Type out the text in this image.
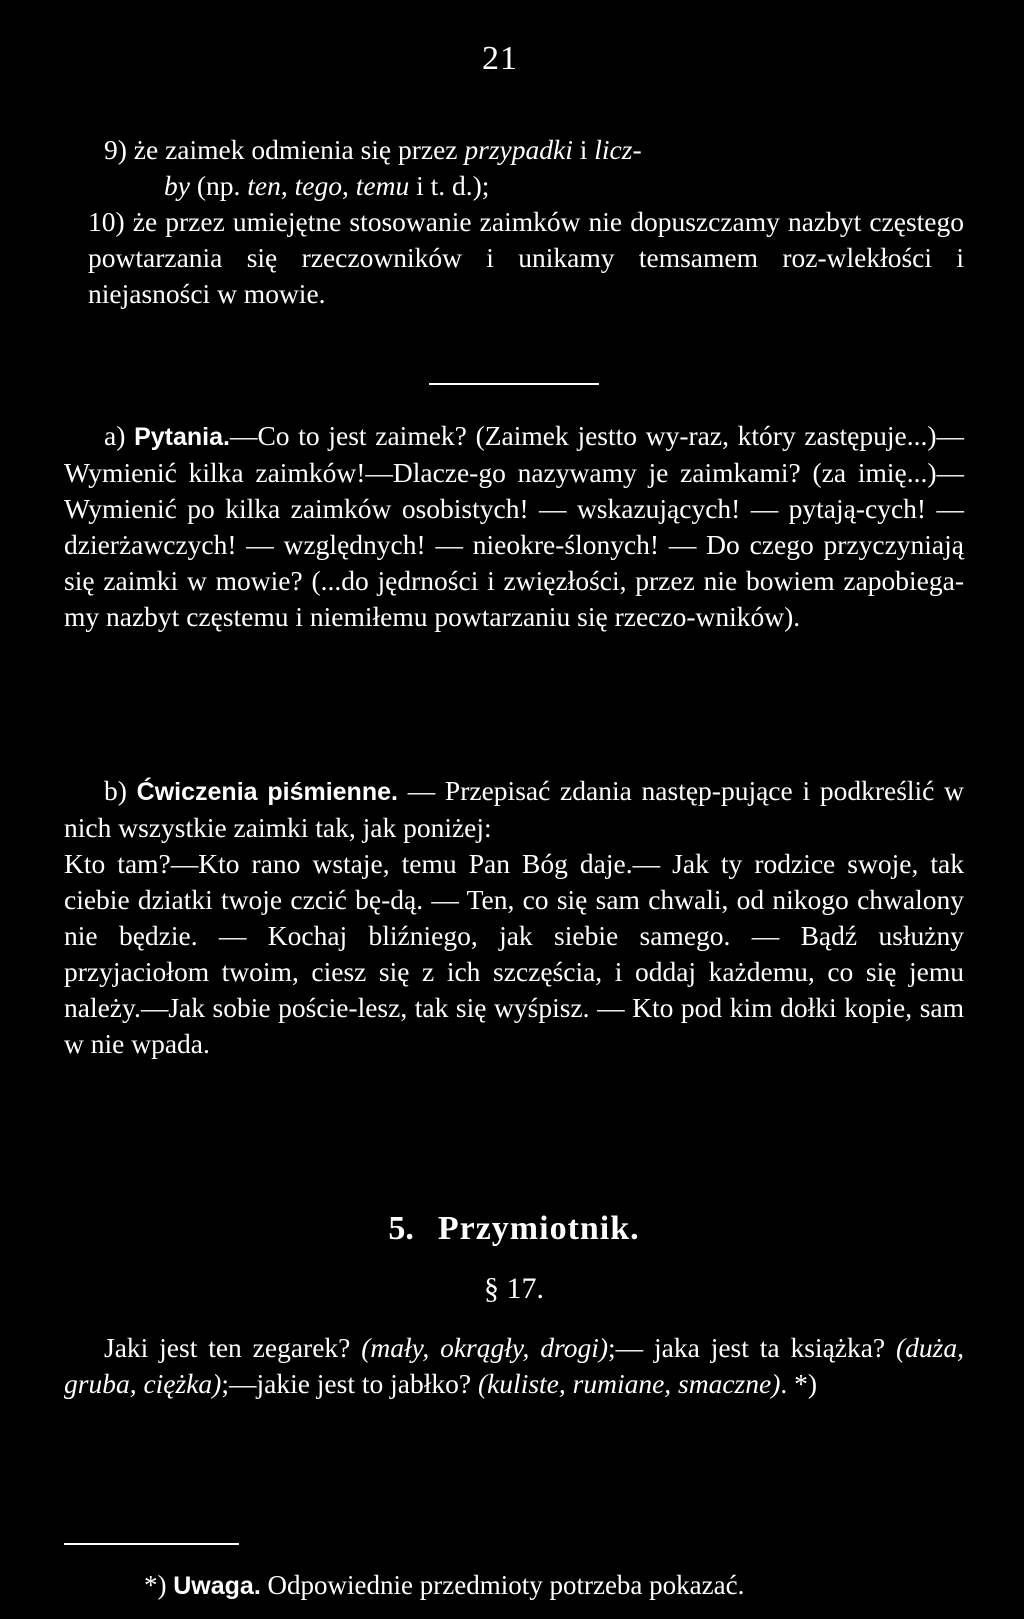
21
9) że zaimek odmienia się przez przypadki i licz-
by (np. ten, tego, temu i t. d.);
10) że przez umiejętne stosowanie zaimków nie dopuszczamy nazbyt częstego powtarzania się rzeczowników i unikamy temsamem roz-wlekłości i niejasności w mowie.
a) Pytania.—Co to jest zaimek? (Zaimek jestto wy-raz, który zastępuje...)—Wymienić kilka zaimków!—Dlacze-go nazywamy je zaimkami? (za imię...)— Wymienić po kilka zaimków osobistych! — wskazujących! — pytają-cych! — dzierżawczych! — względnych! — nieokre-ślonych! — Do czego przyczyniają się zaimki w mowie? (...do jędrności i zwięzłości, przez nie bowiem zapobiega-my nazbyt częstemu i niemiłemu powtarzaniu się rzeczo-wników).
b) Ćwiczenia piśmienne. — Przepisać zdania następ-pujące i podkreślić w nich wszystkie zaimki tak, jak poniżej:
Kto tam?—Kto rano wstaje, temu Pan Bóg daje.— Jak ty rodzice swoje, tak ciebie dziatki twoje czcić bę-dą. — Ten, co się sam chwali, od nikogo chwalony nie będzie. — Kochaj bliźniego, jak siebie samego. — Bądź usłużny przyjaciołom twoim, ciesz się z ich szczęścia, i oddaj każdemu, co się jemu należy.—Jak sobie poście-lesz, tak się wyśpisz. — Kto pod kim dołki kopie, sam w nie wpada.
5. Przymiotnik.
§ 17.
Jaki jest ten zegarek? (mały, okrągły, drogi);— jaka jest ta książka? (duża, gruba, ciężka);—jakie jest to jabłko? (kuliste, rumiane, smaczne). *)
*) Uwaga. Odpowiednie przedmioty potrzeba pokazać.
